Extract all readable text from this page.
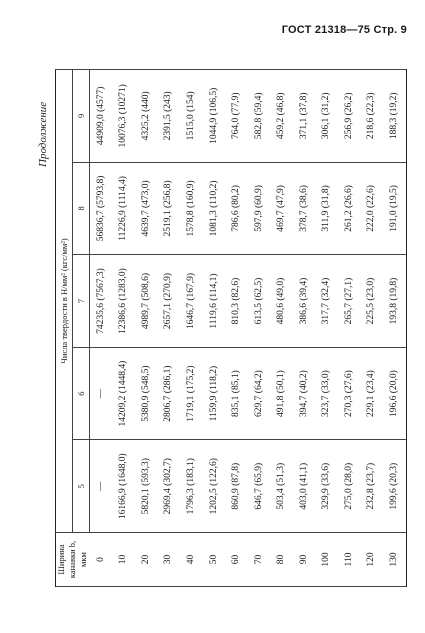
ГОСТ 21318—75 Стр. 9
Продолжение
Ширина канавки b, мкм	Числа твердости в Н/мм² (кгс/мм²)				
	5	6	7	8	9
0	—	—	74235,6 (7567,3)	56836,7 (5793,8)	44909,0 (4577)
10	16166,9 (1648,0)	14209,2 (1448,4)	12386,6 (1283,0)	11226,9 (1114,4)	10076,3 (10271)
20	5820,1 (593,3)	5380,9 (548,5)	4989,7 (508,6)	4639,7 (473,0)	4325,2 (440)
30	2969,4 (302,7)	2806,7 (286,1)	2657,1 (270,9)	2519,1 (256,8)	2391,5 (243)
40	1796,3 (183,1)	1719,1 (175,2)	1646,7 (167,9)	1578,8 (160,9)	1515,0 (154)
50	1202,5 (122,6)	1159,9 (118,2)	1119,6 (114,1)	1081,3 (110,2)	1044,9 (106,5)
60	860,9 (87,8)	835,1 (85,1)	810,3 (82,6)	786,6 (80,2)	764,0 (77,9)
70	646,7 (65,9)	629,7 (64,2)	613,5 (62,5)	597,9 (60,9)	582,8 (59,4)
80	503,4 (51,3)	491,8 (50,1)	480,6 (49,0)	469,7 (47,9)	459,2 (46,8)
90	403,0 (41,1)	394,7 (40,2)	386,6 (39,4)	378,7 (38,6)	371,1 (37,8)
100	329,9 (33,6)	323,7 (33,0)	317,7 (32,4)	311,9 (31,8)	306,1 (31,2)
110	275,0 (28,0)	270,3 (27,6)	265,7 (27,1)	261,2 (26,6)	256,9 (26,2)
120	232,8 (23,7)	229,1 (23,4)	225,5 (23,0)	222,0 (22,6)	218,6 (22,3)
130	199,6 (20,3)	196,6 (20,0)	193,8 (19,8)	191,0 (19,5)	188,3 (19,2)
